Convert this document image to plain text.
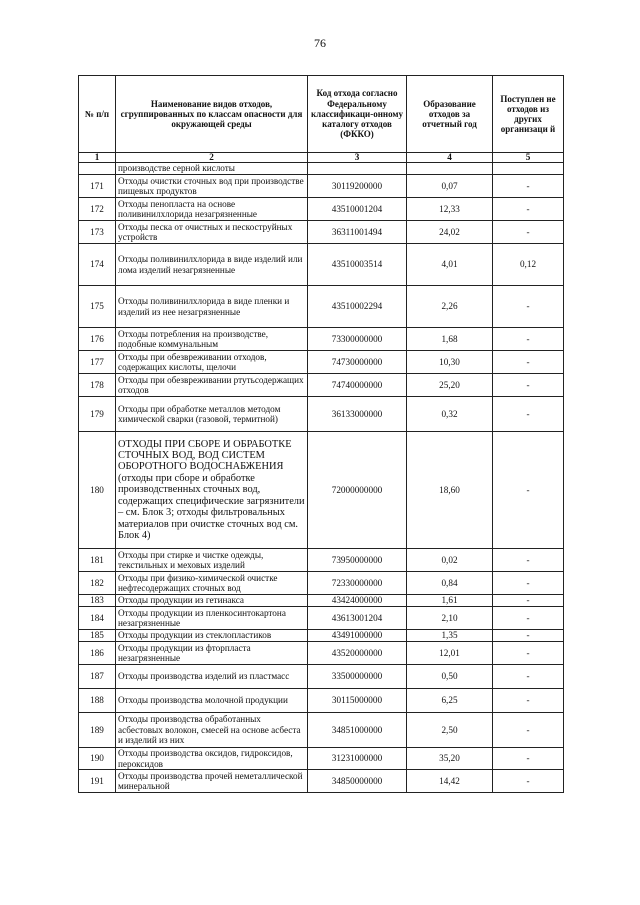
76
№ п/п	Наименование видов отходов, сгруппированных по классам опасности для окружающей среды	Код отхода согласно Федеральному классификаци-онному каталогу отходов (ФККО)	Образование отходов за отчетный год	Поступлен не отходов из других организаци й
1	2	3	4	5
	производстве серной кислоты			
171	Отходы очистки сточных вод при производстве пищевых продуктов	30119200000	0,07	-
172	Отходы пенопласта на основе поливинилхлорида незагрязненные	43510001204	12,33	-
173	Отходы песка от очистных и пескоструйных устройств	36311001494	24,02	-
174	Отходы поливинилхлорида в виде изделий или лома изделий незагрязненные	43510003514	4,01	0,12
175	Отходы поливинилхлорида в виде пленки и изделий из нее незагрязненные	43510002294	2,26	-
176	Отходы потребления на производстве, подобные коммунальным	73300000000	1,68	-
177	Отходы при обезвреживании отходов, содержащих кислоты, щелочи	74730000000	10,30	-
178	Отходы при обезвреживании ртутьсодержащих отходов	74740000000	25,20	-
179	Отходы при обработке металлов методом химической сварки (газовой, термитной)	36133000000	0,32	-
180	ОТХОДЫ ПРИ СБОРЕ И ОБРАБОТКЕ СТОЧНЫХ ВОД, ВОД СИСТЕМ ОБОРОТНОГО ВОДОСНАБЖЕНИЯ (отходы при сборе и обработке производственных сточных вод, содержащих специфические загрязнители – см. Блок 3; отходы фильтровальных материалов при очистке сточных вод см. Блок 4)	72000000000	18,60	-
181	Отходы при стирке и чистке одежды, текстильных и меховых изделий	73950000000	0,02	-
182	Отходы при физико-химической очистке нефтесодержащих сточных вод	72330000000	0,84	-
183	Отходы продукции из гетинакса	43424000000	1,61	-
184	Отходы продукции из пленкосинтокартона незагрязненные	43613001204	2,10	-
185	Отходы продукции из стеклопластиков	43491000000	1,35	-
186	Отходы продукции из фторпласта незагрязненные	43520000000	12,01	-
187	Отходы производства изделий из пластмасс	33500000000	0,50	-
188	Отходы производства молочной продукции	30115000000	6,25	-
189	Отходы производства обработанных асбестовых волокон, смесей на основе асбеста и изделий из них	34851000000	2,50	-
190	Отходы производства оксидов, гидроксидов, пероксидов	31231000000	35,20	-
191	Отходы производства прочей неметаллической минеральной	34850000000	14,42	-
